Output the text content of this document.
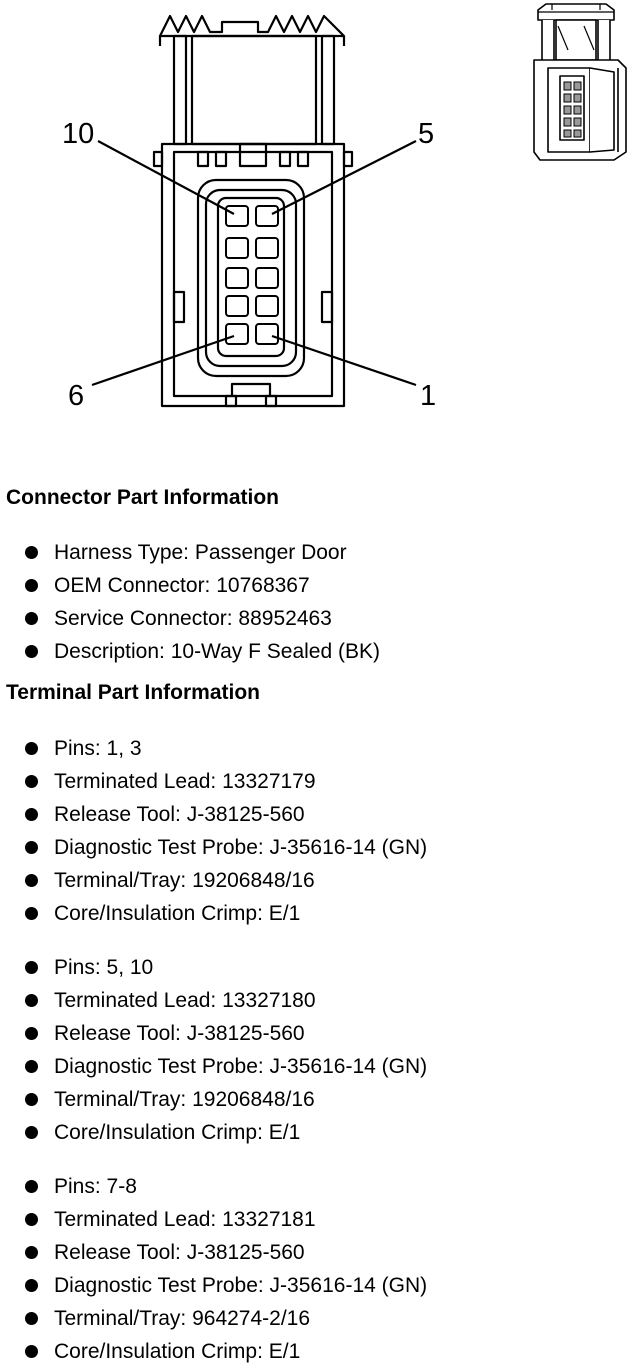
10	5
6	1
Connector Part Information
Harness Type: Passenger Door
OEM Connector: 10768367
Service Connector: 88952463
Description: 10-Way F Sealed (BK)
Terminal Part Information
Pins: 1, 3
Terminated Lead: 13327179
Release Tool: J-38125-560
Diagnostic Test Probe: J-35616-14 (GN)
Terminal/Tray: 19206848/16
Core/Insulation Crimp: E/1
Pins: 5, 10
Terminated Lead: 13327180
Release Tool: J-38125-560
Diagnostic Test Probe: J-35616-14 (GN)
Terminal/Tray: 19206848/16
Core/Insulation Crimp: E/1
Pins: 7-8
Terminated Lead: 13327181
Release Tool: J-38125-560
Diagnostic Test Probe: J-35616-14 (GN)
Terminal/Tray: 964274-2/16
Core/Insulation Crimp: E/1
